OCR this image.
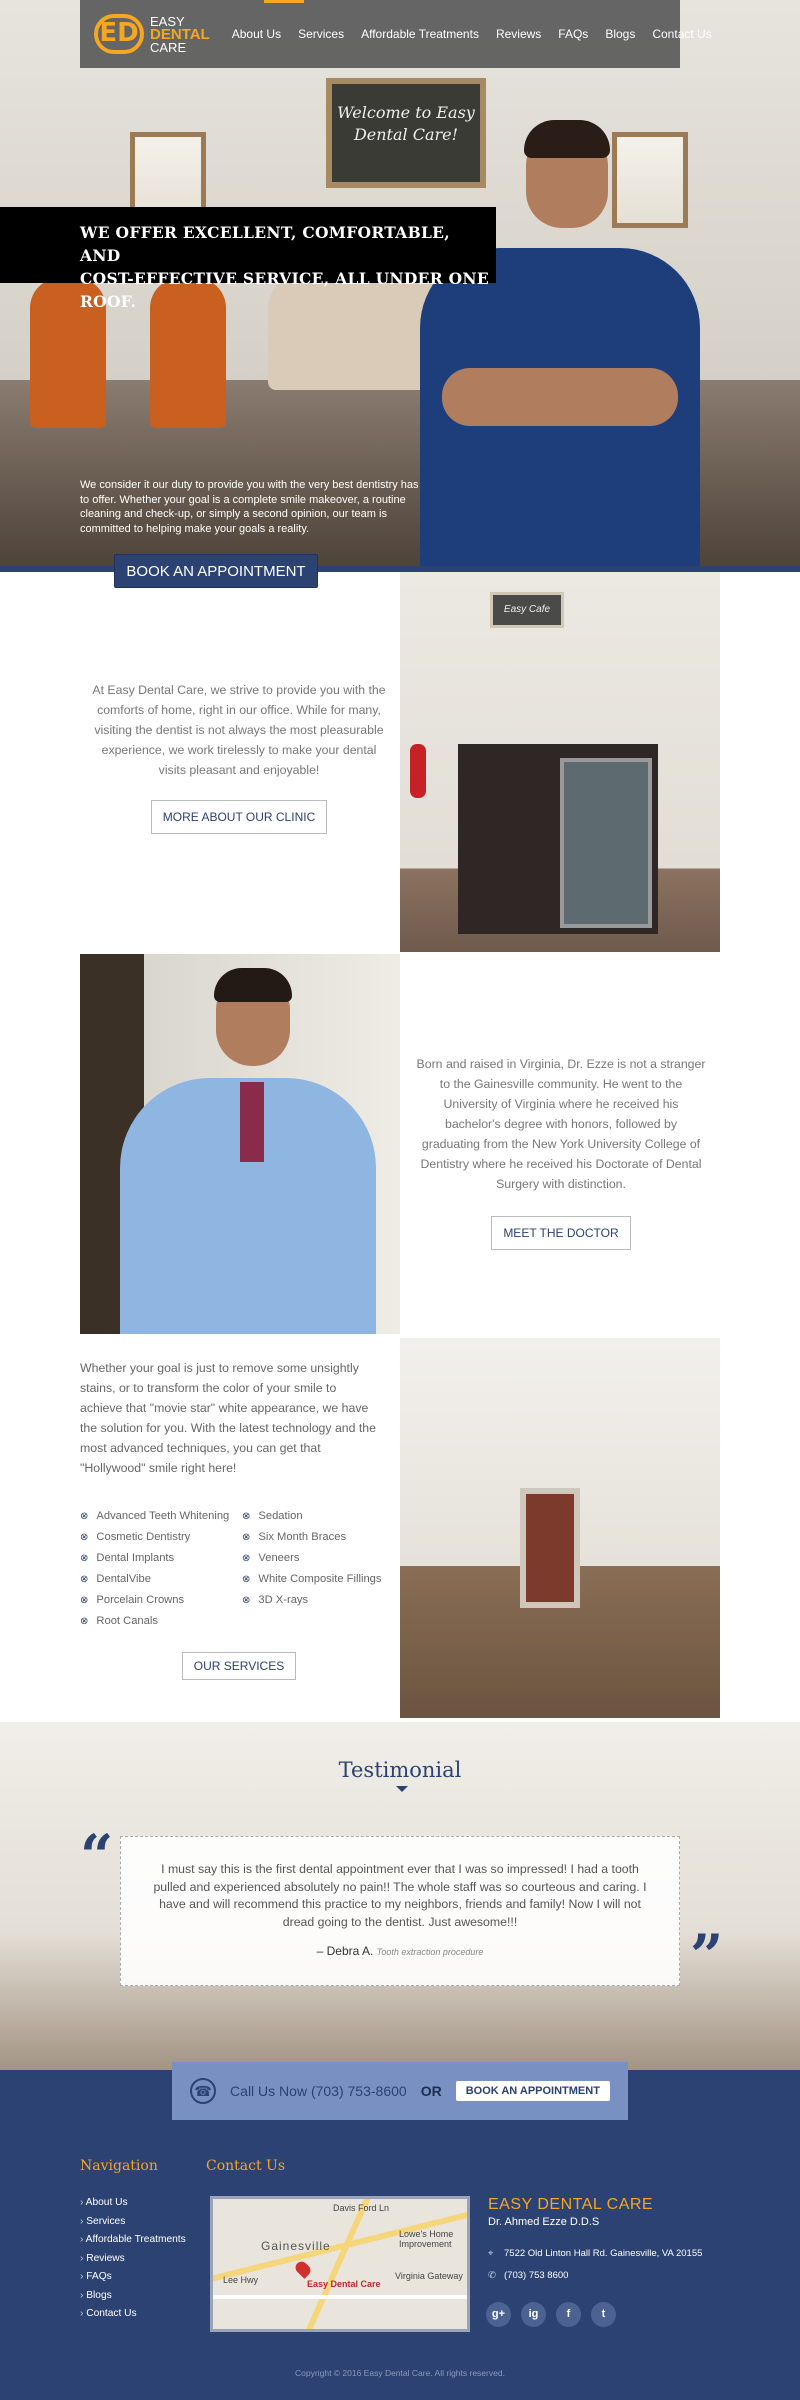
Welcome to Easy Dental Care!
WE OFFER EXCELLENT, COMFORTABLE, AND
COST-EFFECTIVE SERVICE, ALL UNDER ONE ROOF.

We consider it our duty to provide you with the very best dentistry has to offer. Whether your goal is a complete smile makeover, a routine cleaning and check-up, or simply a second opinion, our team is committed to helping make your goals a reality.

BOOK AN APPOINTMENT
ED EASY
DENTAL
CARE
About Us Services Affordable Treatments Reviews FAQs Blogs Contact Us

At Easy Dental Care, we strive to provide you with the comforts of home, right in our office. While for many, visiting the dentist is not always the most pleasurable experience, we work tirelessly to make your dental visits pleasant and enjoyable!

MORE ABOUT OUR CLINIC
Easy Cafe

Born and raised in Virginia, Dr. Ezze is not a stranger to the Gainesville community. He went to the University of Virginia where he received his bachelor's degree with honors, followed by graduating from the New York University College of Dentistry where he received his Doctorate of Dental Surgery with distinction.

MEET THE DOCTOR

Whether your goal is just to remove some unsightly stains, or to transform the color of your smile to achieve that "movie star" white appearance, we have the solution for you. With the latest technology and the most advanced techniques, you can get that "Hollywood" smile right here!

⊗ Advanced Teeth Whitening
⊗ Cosmetic Dentistry
⊗ Dental Implants
⊗ DentalVibe
⊗ Porcelain Crowns
⊗ Root Canals
⊗ Sedation
⊗ Six Month Braces
⊗ Veneers
⊗ White Composite Fillings
⊗ 3D X-rays
OUR SERVICES
Testimonial
“
”

I must say this is the first dental appointment ever that I was so impressed! I had a tooth pulled and experienced absolutely no pain!! The whole staff was so courteous and caring. I have and will recommend this practice to my neighbors, friends and family! Now I will not dread going to the dentist. Just awesome!!!

– Debra A. Tooth extraction procedure
☎	Call Us Now (703) 753-8600 OR	BOOK AN APPOINTMENT
Navigation
› About Us
› Services
› Affordable Treatments
› Reviews
› FAQs
› Blogs
› Contact Us
Contact Us
Davis Ford Ln
Gainesville
Lowe's Home Improvement
Virginia Gateway
Lee Hwy	Easy Dental Care
EASY DENTAL CARE
Dr. Ahmed Ezze D.D.S
⌖ 7522 Old Linton Hall Rd. Gainesville, VA 20155
✆ (703) 753 8600
g+	ig	f	t
Copyright © 2016 Easy Dental Care. All rights reserved.
